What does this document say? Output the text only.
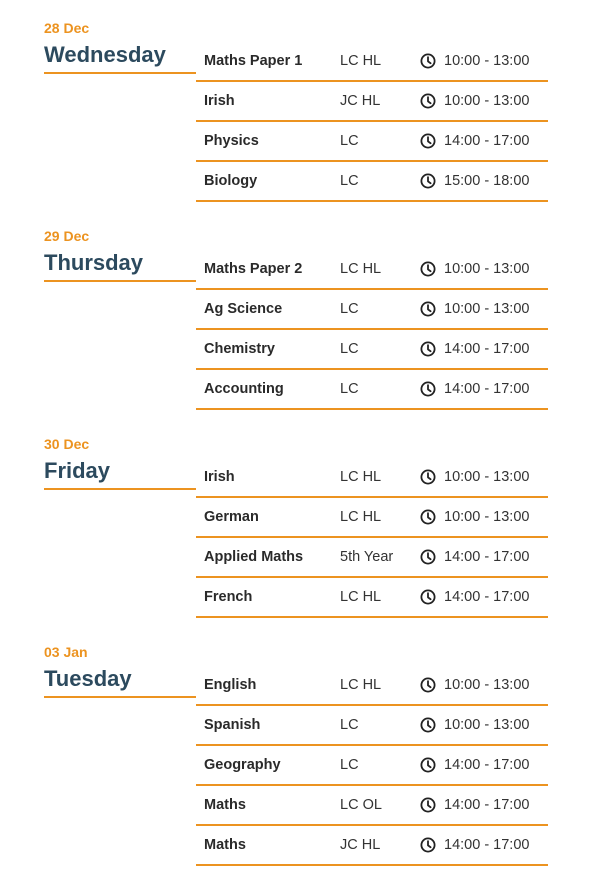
28 Dec
Wednesday	Maths Paper 1	LC HL	10:00 - 13:00
Irish	JC HL	10:00 - 13:00
Physics	LC	14:00 - 17:00
Biology	LC	15:00 - 18:00
29 Dec
Thursday	Maths Paper 2	LC HL	10:00 - 13:00
Ag Science	LC	10:00 - 13:00
Chemistry	LC	14:00 - 17:00
Accounting	LC	14:00 - 17:00
30 Dec
Friday	Irish	LC HL	10:00 - 13:00
German	LC HL	10:00 - 13:00
Applied Maths	5th Year	14:00 - 17:00
French	LC HL	14:00 - 17:00
03 Jan
Tuesday	English	LC HL	10:00 - 13:00
Spanish	LC	10:00 - 13:00
Geography	LC	14:00 - 17:00
Maths	LC OL	14:00 - 17:00
Maths	JC HL	14:00 - 17:00
